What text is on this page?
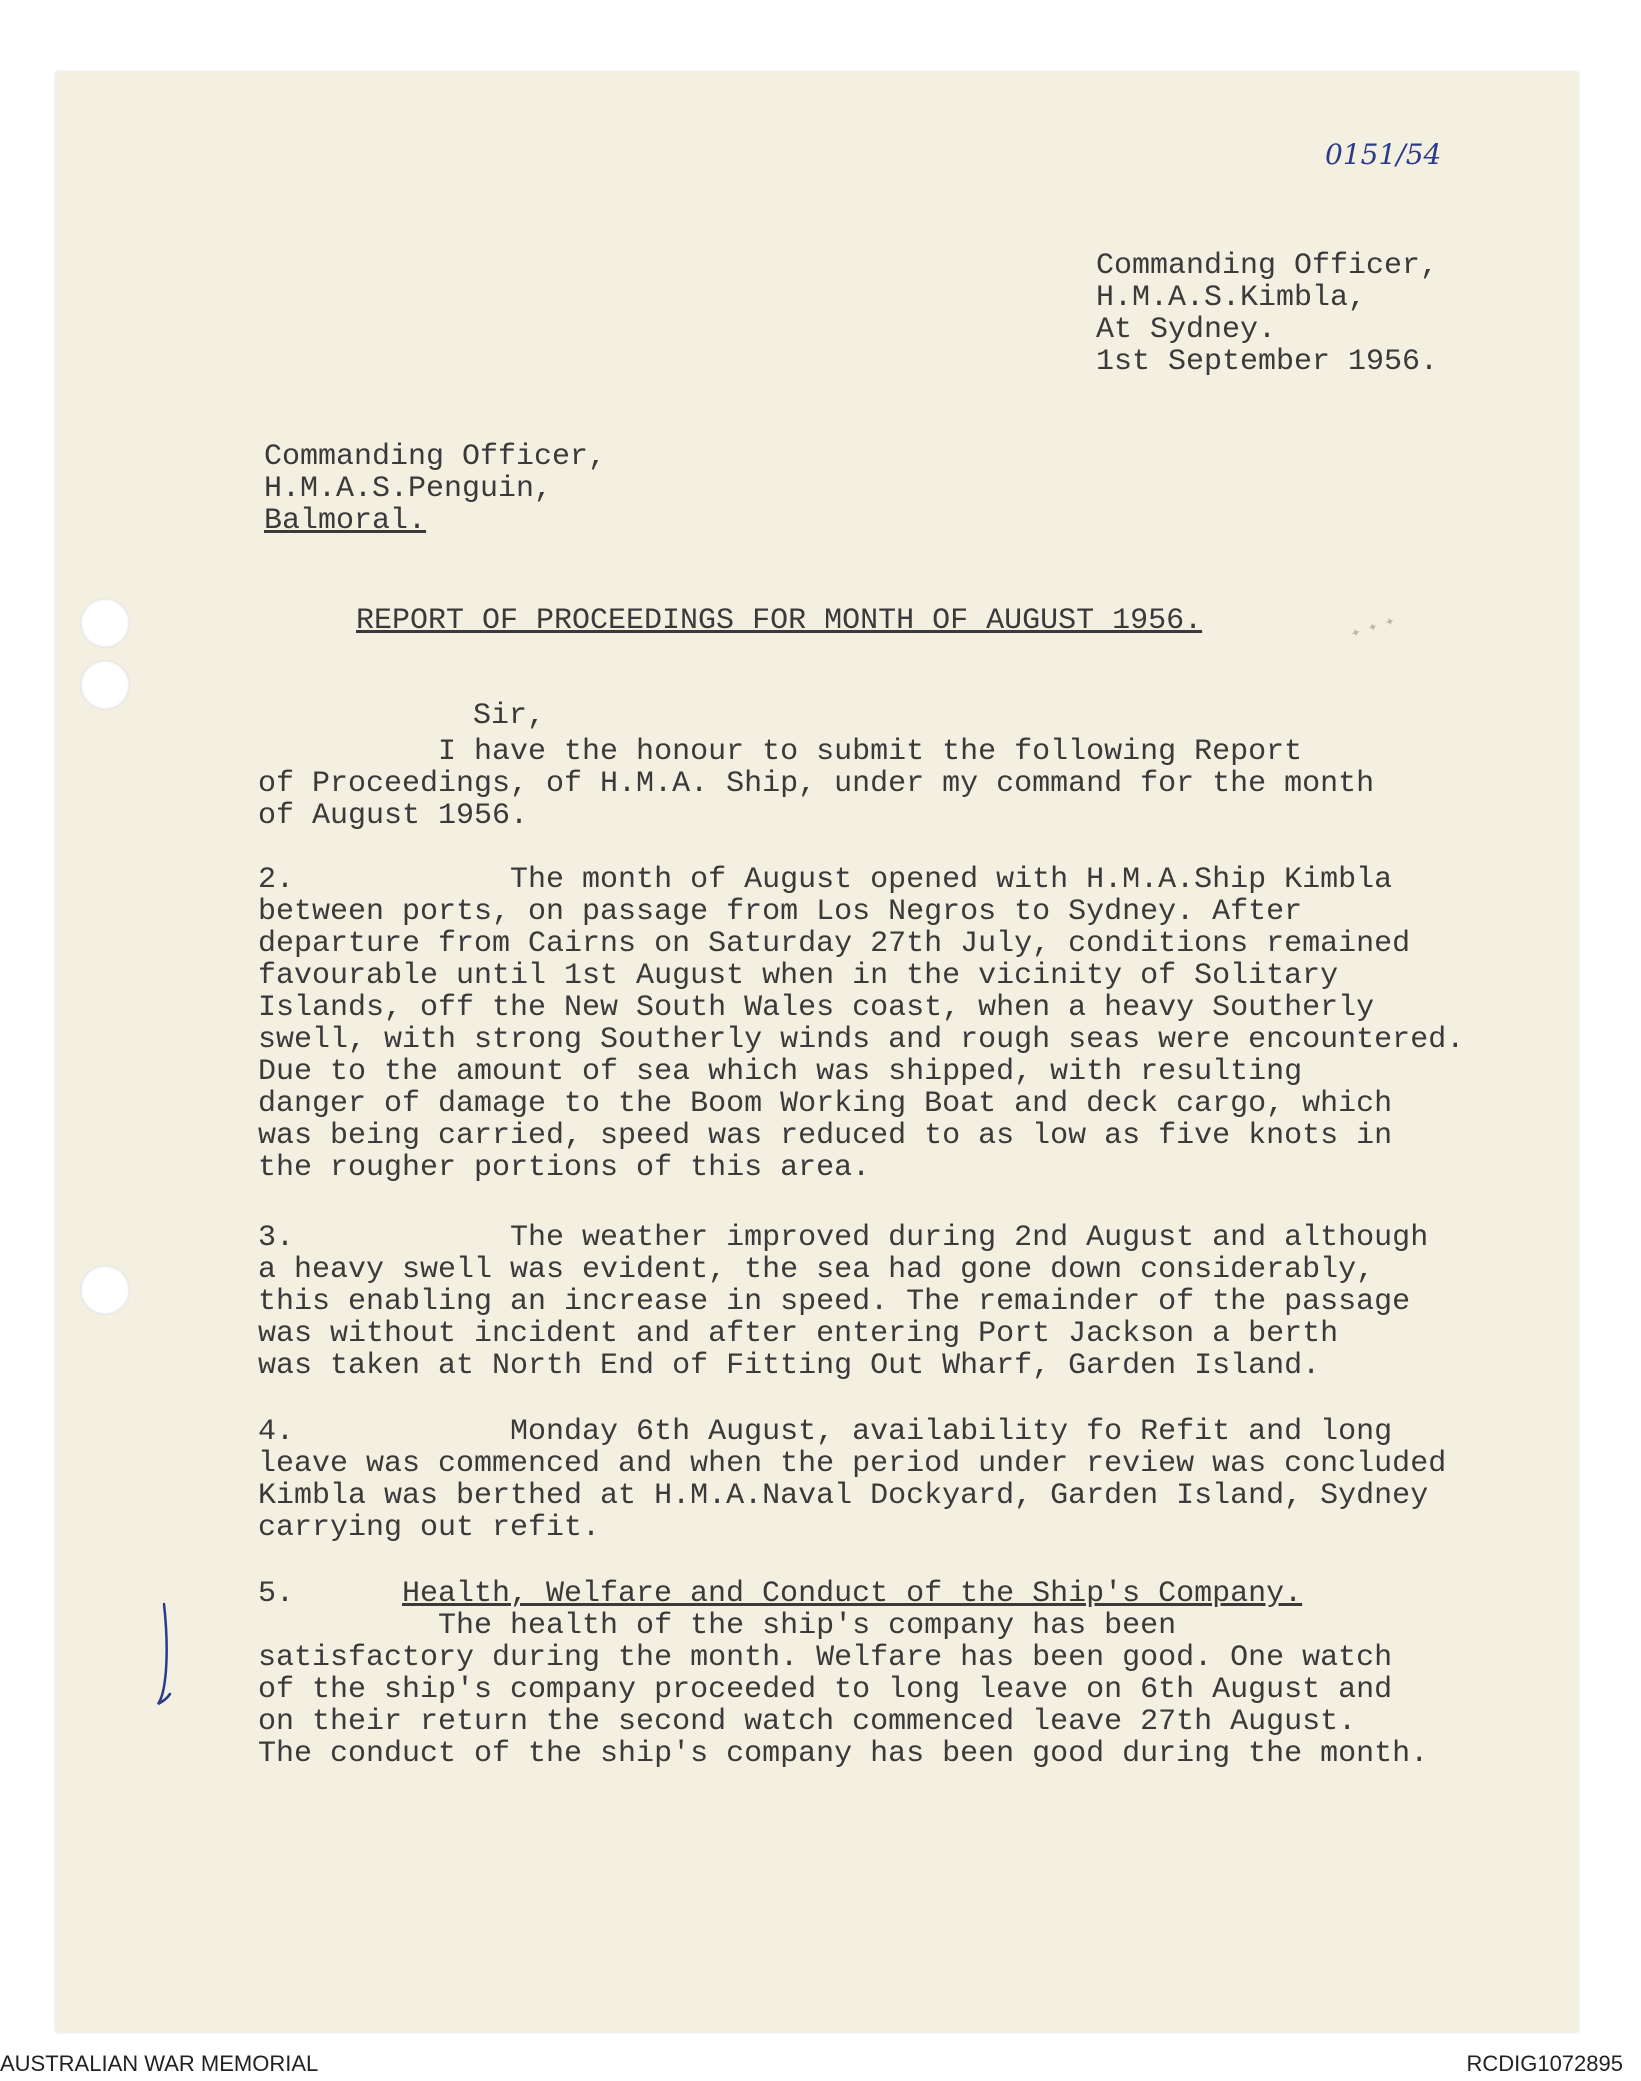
0151/54
Commanding Officer,
H.M.A.S.Kimbla,
At Sydney.
1st September 1956.
Commanding Officer,
H.M.A.S.Penguin,
Balmoral.
REPORT OF PROCEEDINGS FOR MONTH OF AUGUST 1956.	✦ ✦ ✦
Sir,
I have the honour to submit the following Report
of Proceedings, of H.M.A. Ship, under my command for the month
of August 1956.
2.            The month of August opened with H.M.A.Ship Kimbla
between ports, on passage from Los Negros to Sydney. After
departure from Cairns on Saturday 27th July, conditions remained
favourable until 1st August when in the vicinity of Solitary
Islands, off the New South Wales coast, when a heavy Southerly
swell, with strong Southerly winds and rough seas were encountered.
Due to the amount of sea which was shipped, with resulting
danger of damage to the Boom Working Boat and deck cargo, which
was being carried, speed was reduced to as low as five knots in
the rougher portions of this area.
3.            The weather improved during 2nd August and although
a heavy swell was evident, the sea had gone down considerably,
this enabling an increase in speed. The remainder of the passage
was without incident and after entering Port Jackson a berth
was taken at North End of Fitting Out Wharf, Garden Island.
4.            Monday 6th August, availability fo Refit and long
leave was commenced and when the period under review was concluded
Kimbla was berthed at H.M.A.Naval Dockyard, Garden Island, Sydney
carrying out refit.
5.	Health, Welfare and Conduct of the Ship's Company.
The health of the ship's company has been
satisfactory during the month. Welfare has been good. One watch
of the ship's company proceeded to long leave on 6th August and
on their return the second watch commenced leave 27th August.
The conduct of the ship's company has been good during the month.
AUSTRALIAN WAR MEMORIAL	RCDIG1072895
